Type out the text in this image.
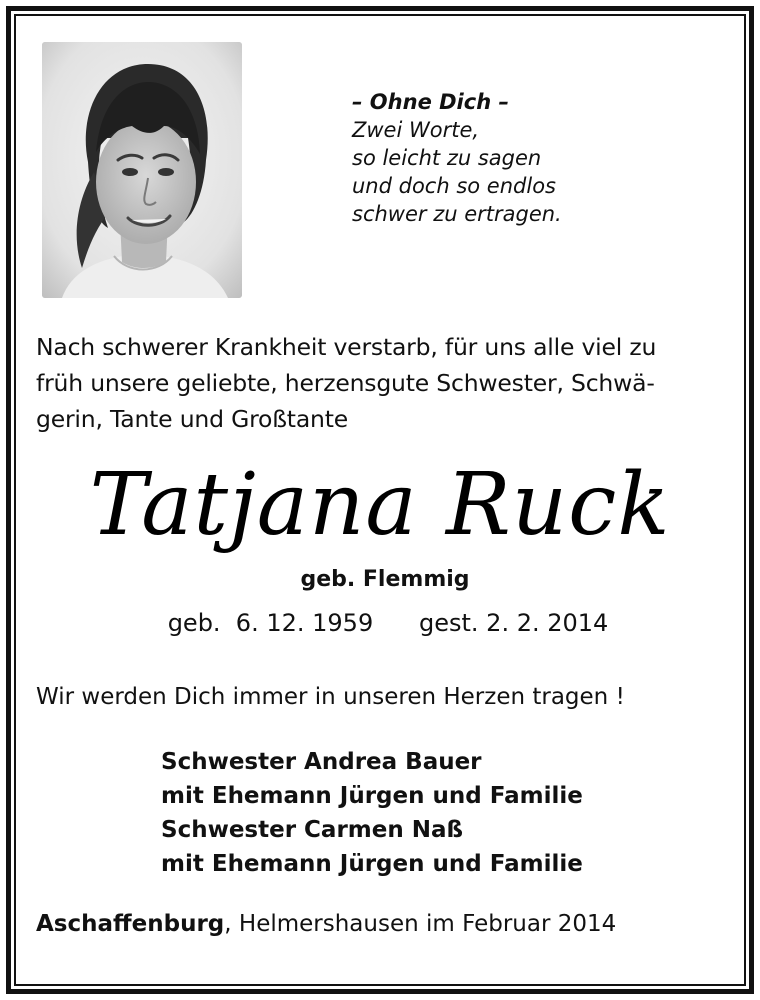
– Ohne Dich –
Zwei Worte,
so leicht zu sagen
und doch so endlos
schwer zu ertragen.
Nach schwerer Krankheit verstarb, für uns alle viel zu
früh unsere geliebte, herzensgute Schwester, Schwä-
gerin, Tante und Großtante
Tatjana Ruck
geb. Flemmig
geb.  6. 12. 1959 gest. 2. 2. 2014
Wir werden Dich immer in unseren Herzen tragen !
Schwester Andrea Bauer
mit Ehemann Jürgen und Familie
Schwester Carmen Naß
mit Ehemann Jürgen und Familie
Aschaffenburg, Helmershausen im Februar 2014
